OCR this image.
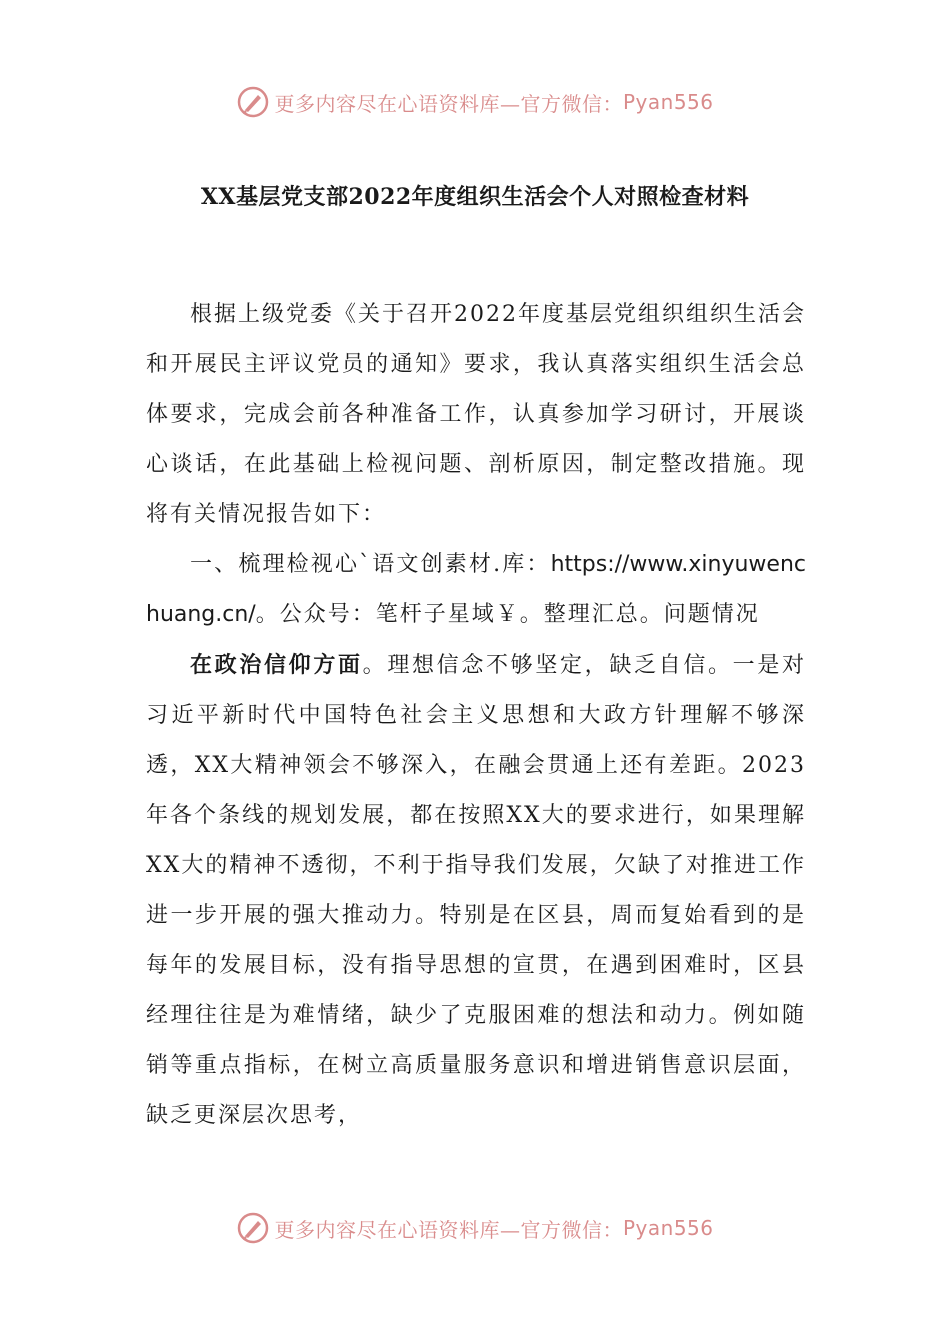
更多内容尽在心语资料库—官方微信： Pyan556
XX基层党支部2022年度组织生活会个人对照检查材料

根据上级党委《关于召开2022年度基层党组织组织生活会和开展民主评议党员的通知》要求，我认真落实组织生活会总体要求，完成会前各种准备工作，认真参加学习研讨，开展谈心谈话，在此基础上检视问题、剖析原因，制定整改措施。现将有关情况报告如下：

一、梳理检视心`语文创素材.库：https://www.xinyuwenchuang.cn/。公众号：笔杆子星域￥。整理汇总。问题情况

在政治信仰方面。理想信念不够坚定，缺乏自信。一是对习近平新时代中国特色社会主义思想和大政方针理解不够深透，XX大精神领会不够深入，在融会贯通上还有差距。2023年各个条线的规划发展，都在按照XX大的要求进行，如果理解XX大的精神不透彻，不利于指导我们发展，欠缺了对推进工作进一步开展的强大推动力。特别是在区县，周而复始看到的是每年的发展目标，没有指导思想的宣贯，在遇到困难时，区县经理往往是为难情绪，缺少了克服困难的想法和动力。例如随销等重点指标，在树立高质量服务意识和增进销售意识层面，缺乏更深层次思考，

更多内容尽在心语资料库—官方微信： Pyan556
